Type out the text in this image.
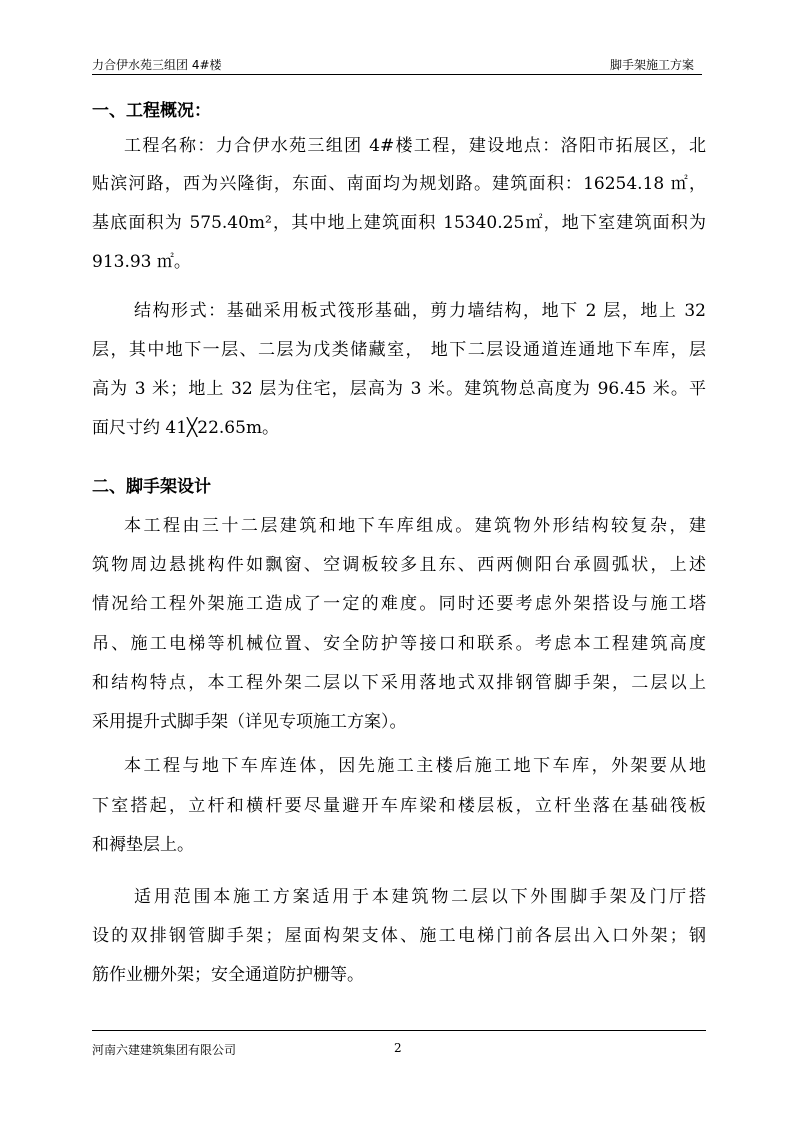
力合伊水苑三组团 4#楼	脚手架施工方案
一、工程概况：
工程名称：力合伊水苑三组团 4#楼工程，建设地点：洛阳市拓展区，北
贴滨河路，西为兴隆街，东面、南面均为规划路。建筑面积：16254.18 ㎡，
基底面积为 575.40m²，其中地上建筑面积 15340.25㎡，地下室建筑面积为
913.93 ㎡。
结构形式：基础采用板式筏形基础，剪力墙结构，地下 2 层，地上 32
层，其中地下一层、二层为戊类储藏室， 地下二层设通道连通地下车库，层
高为 3 米；地上 32 层为住宅，层高为 3 米。建筑物总高度为 96.45 米。平
面尺寸约 41╳22.65m。
二、脚手架设计
本工程由三十二层建筑和地下车库组成。建筑物外形结构较复杂，建
筑物周边悬挑构件如飘窗、空调板较多且东、西两侧阳台承圆弧状，上述
情况给工程外架施工造成了一定的难度。同时还要考虑外架搭设与施工塔
吊、施工电梯等机械位置、安全防护等接口和联系。考虑本工程建筑高度
和结构特点，本工程外架二层以下采用落地式双排钢管脚手架，二层以上
采用提升式脚手架（详见专项施工方案）。
本工程与地下车库连体，因先施工主楼后施工地下车库，外架要从地
下室搭起，立杆和横杆要尽量避开车库梁和楼层板，立杆坐落在基础筏板
和褥垫层上。
适用范围本施工方案适用于本建筑物二层以下外围脚手架及门厅搭
设的双排钢管脚手架；屋面构架支体、施工电梯门前各层出入口外架；钢
筋作业栅外架；安全通道防护栅等。
河南六建建筑集团有限公司	2
